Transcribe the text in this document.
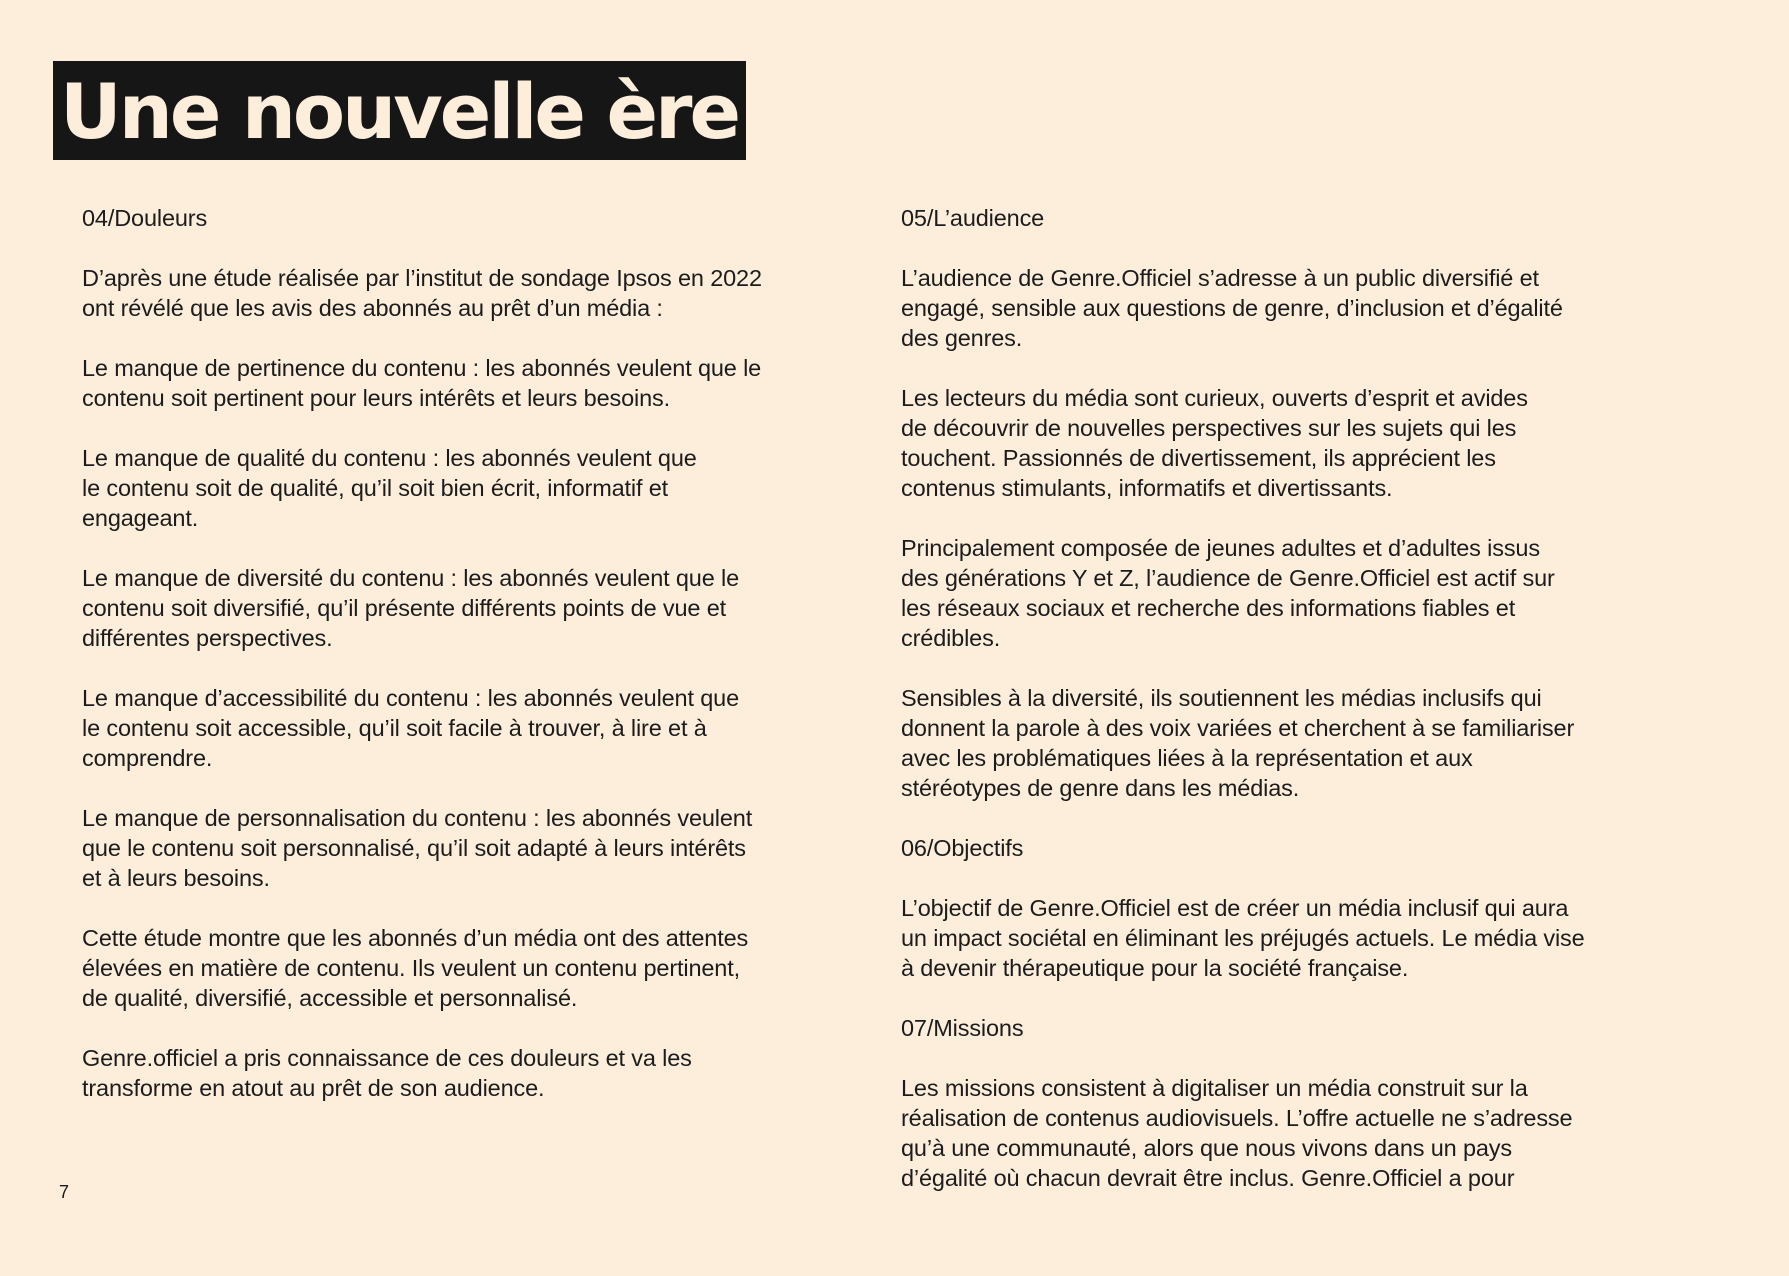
Une nouvelle ère
04/Douleurs

D’après une étude réalisée par l’institut de sondage Ipsos en 2022
ont révélé que les avis des abonnés au prêt d’un média :

Le manque de pertinence du contenu : les abonnés veulent que le
contenu soit pertinent pour leurs intérêts et leurs besoins.

Le manque de qualité du contenu : les abonnés veulent que
le contenu soit de qualité, qu’il soit bien écrit, informatif et
engageant.

Le manque de diversité du contenu : les abonnés veulent que le
contenu soit diversifié, qu’il présente différents points de vue et
différentes perspectives.

Le manque d’accessibilité du contenu : les abonnés veulent que
le contenu soit accessible, qu’il soit facile à trouver, à lire et à
comprendre.

Le manque de personnalisation du contenu : les abonnés veulent
que le contenu soit personnalisé, qu’il soit adapté à leurs intérêts
et à leurs besoins.

Cette étude montre que les abonnés d’un média ont des attentes
élevées en matière de contenu. Ils veulent un contenu pertinent,
de qualité, diversifié, accessible et personnalisé.

Genre.officiel a pris connaissance de ces douleurs et va les
transforme en atout au prêt de son audience.

05/L’audience

L’audience de Genre.Officiel s’adresse à un public diversifié et
engagé, sensible aux questions de genre, d’inclusion et d’égalité
des genres.

Les lecteurs du média sont curieux, ouverts d’esprit et avides
de découvrir de nouvelles perspectives sur les sujets qui les
touchent. Passionnés de divertissement, ils apprécient les
contenus stimulants, informatifs et divertissants.

Principalement composée de jeunes adultes et d’adultes issus
des générations Y et Z, l’audience de Genre.Officiel est actif sur
les réseaux sociaux et recherche des informations fiables et
crédibles.

Sensibles à la diversité, ils soutiennent les médias inclusifs qui
donnent la parole à des voix variées et cherchent à se familiariser
avec les problématiques liées à la représentation et aux
stéréotypes de genre dans les médias.

06/Objectifs

L’objectif de Genre.Officiel est de créer un média inclusif qui aura
un impact sociétal en éliminant les préjugés actuels. Le média vise
à devenir thérapeutique pour la société française.

07/Missions

Les missions consistent à digitaliser un média construit sur la
réalisation de contenus audiovisuels. L’offre actuelle ne s’adresse
qu’à une communauté, alors que nous vivons dans un pays
d’égalité où chacun devrait être inclus. Genre.Officiel a pour

7
